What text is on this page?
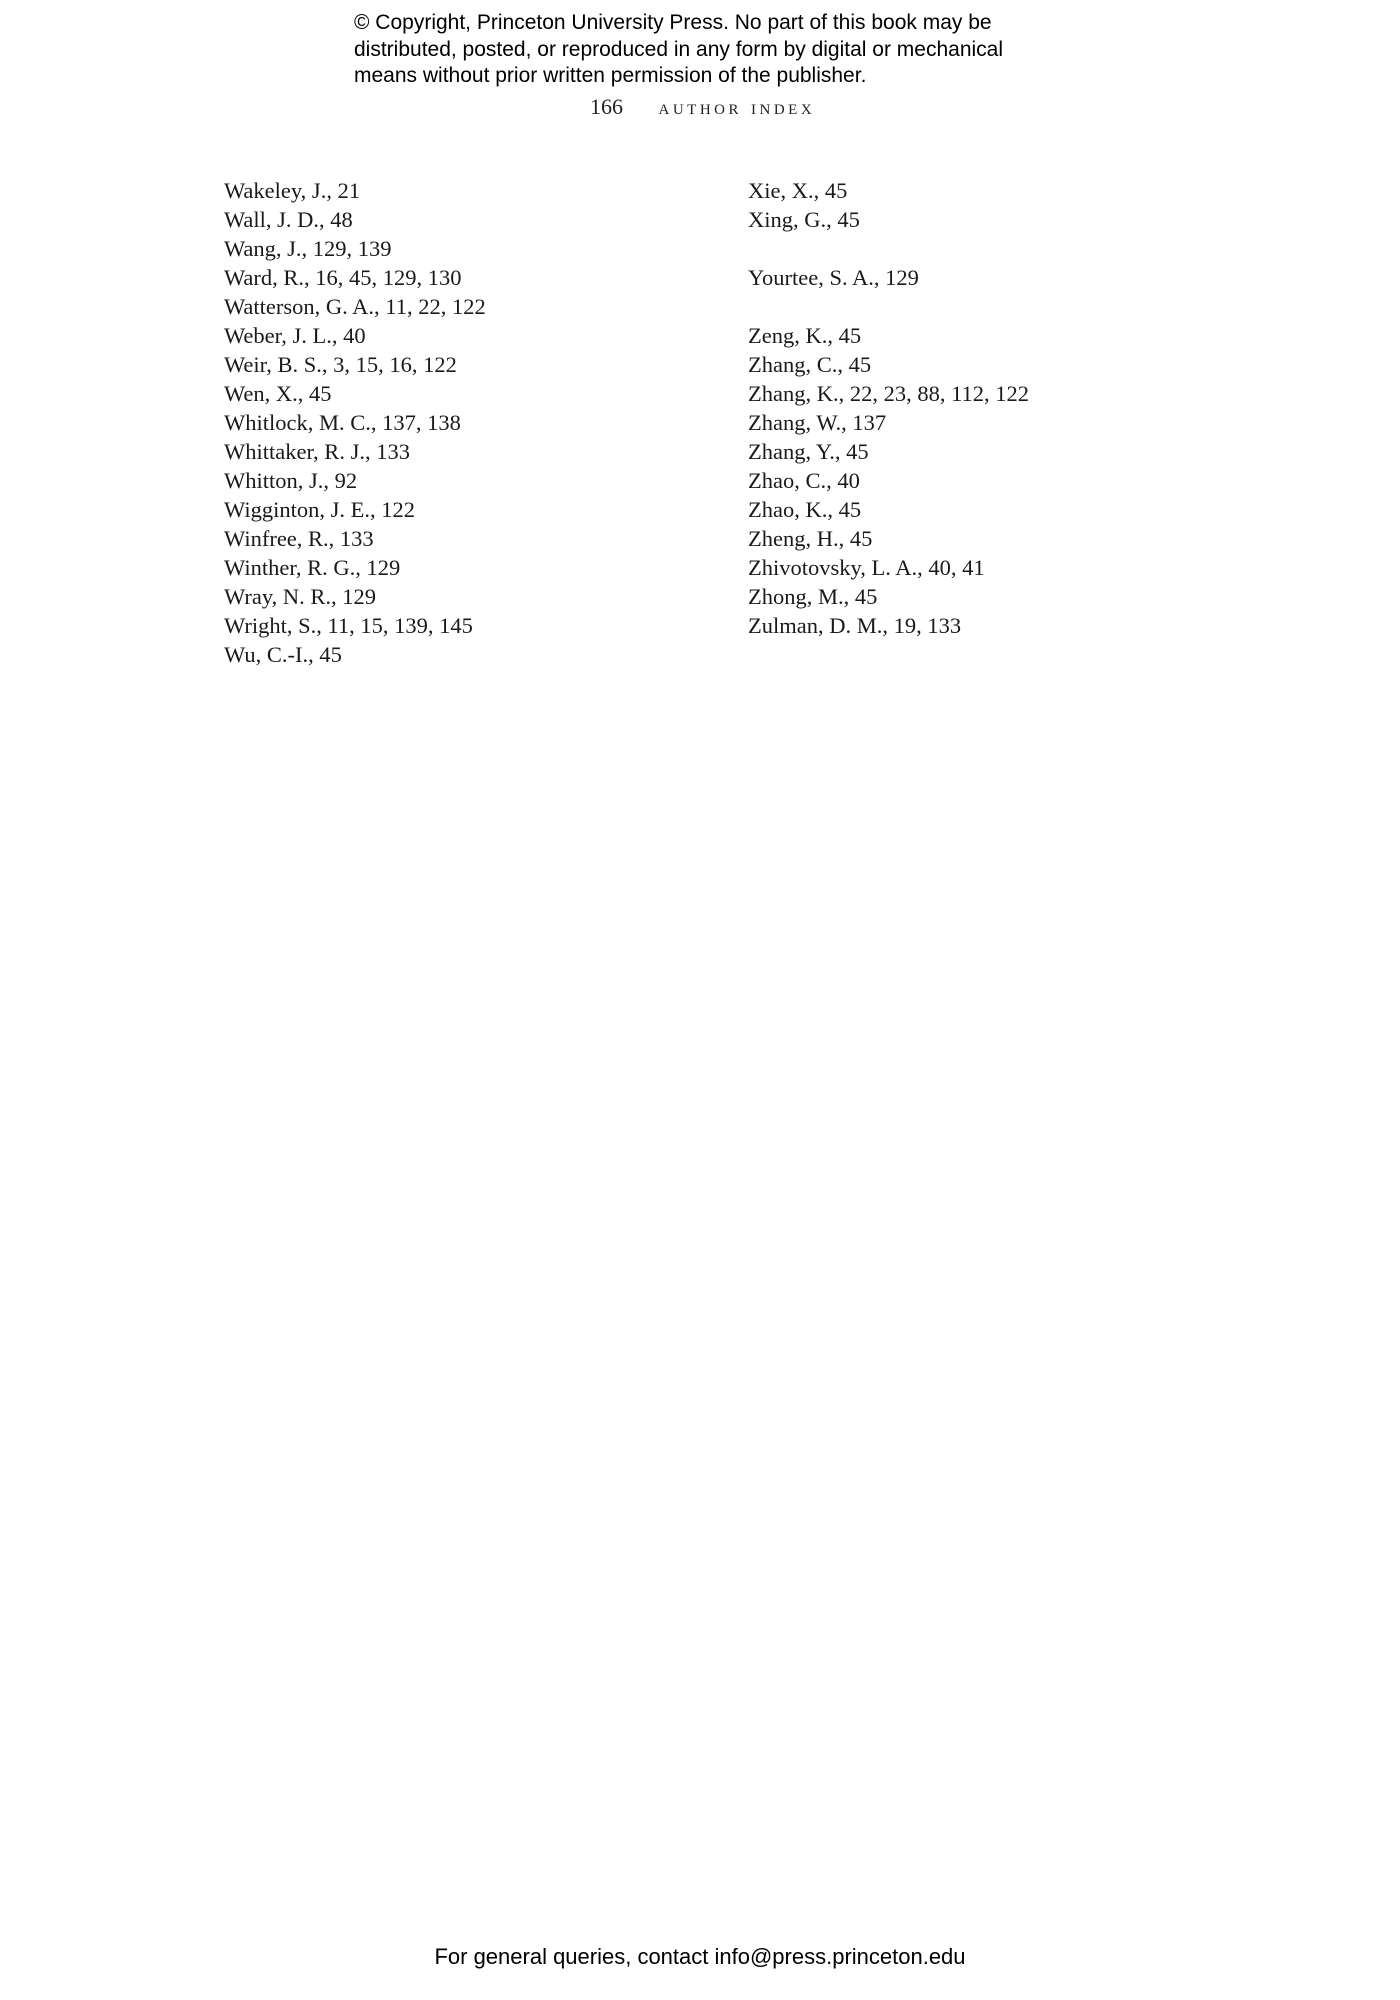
© Copyright, Princeton University Press. No part of this book may be
distributed, posted, or reproduced in any form by digital or mechanical
means without prior written permission of the publisher.
166 author index
Wakeley, J., 21
Wall, J. D., 48
Wang, J., 129, 139
Ward, R., 16, 45, 129, 130
Watterson, G. A., 11, 22, 122
Weber, J. L., 40
Weir, B. S., 3, 15, 16, 122
Wen, X., 45
Whitlock, M. C., 137, 138
Whittaker, R. J., 133
Whitton, J., 92
Wigginton, J. E., 122
Winfree, R., 133
Winther, R. G., 129
Wray, N. R., 129
Wright, S., 11, 15, 139, 145
Wu, C.-I., 45
Xie, X., 45
Xing, G., 45
Yourtee, S. A., 129
Zeng, K., 45
Zhang, C., 45
Zhang, K., 22, 23, 88, 112, 122
Zhang, W., 137
Zhang, Y., 45
Zhao, C., 40
Zhao, K., 45
Zheng, H., 45
Zhivotovsky, L. A., 40, 41
Zhong, M., 45
Zulman, D. M., 19, 133
For general queries, contact info@press.princeton.edu
